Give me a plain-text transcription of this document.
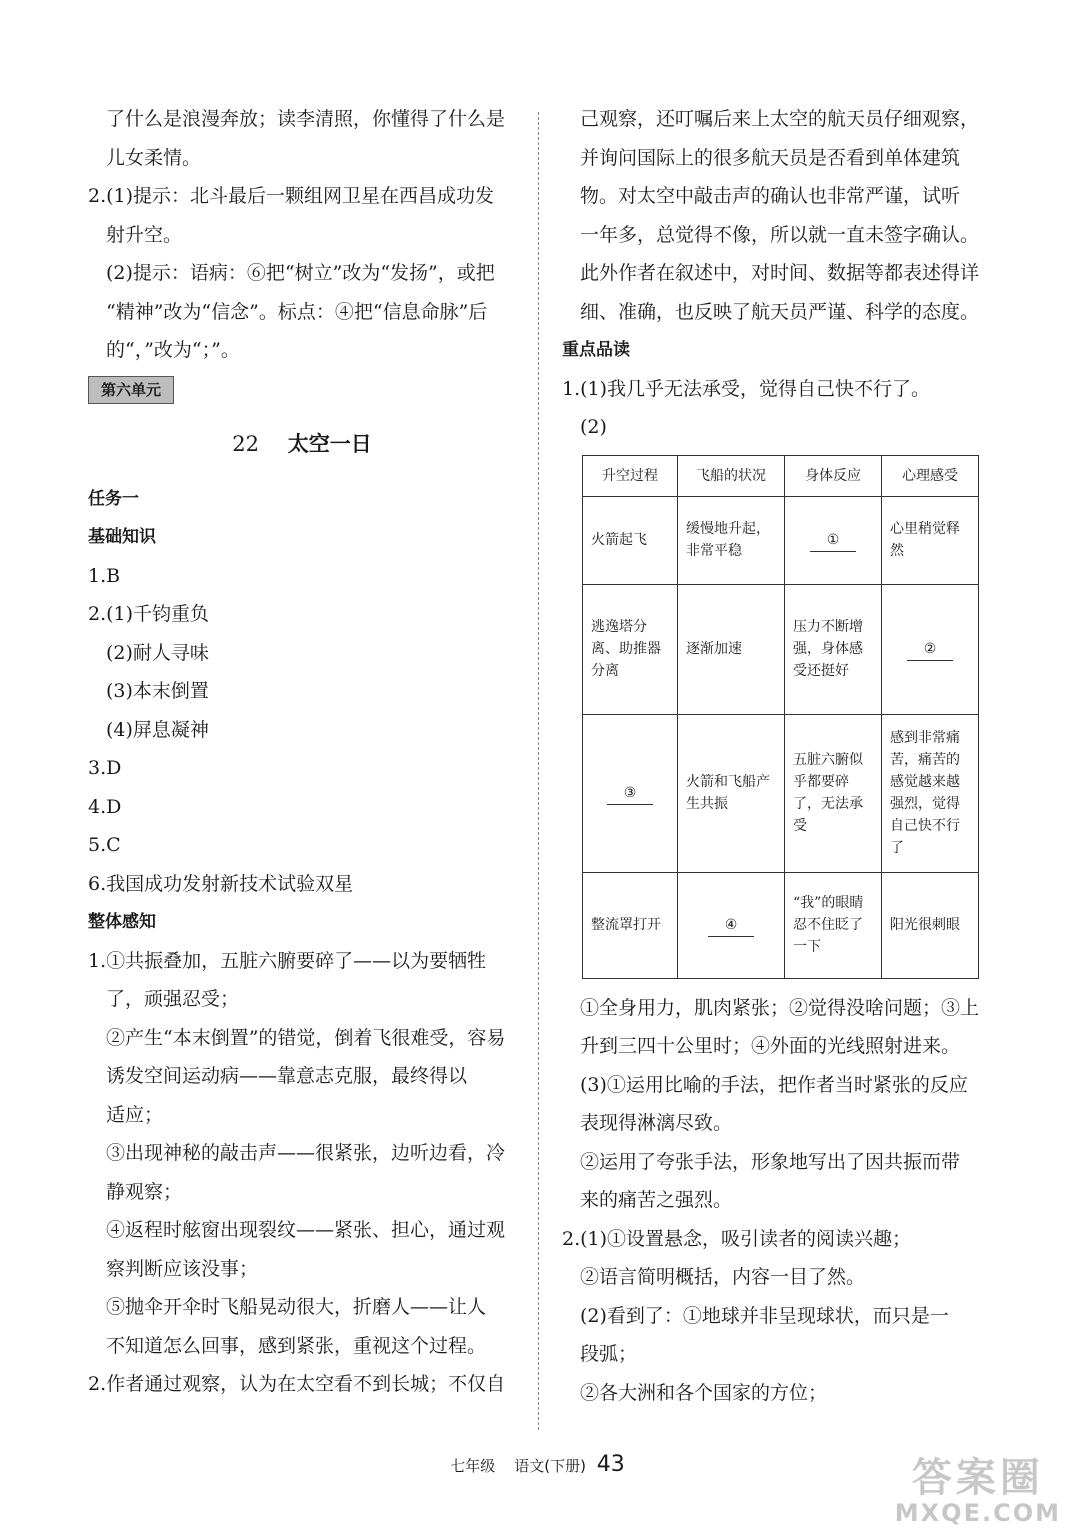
了什么是浪漫奔放；读李清照，你懂得了什么是
儿女柔情。
2.(1)提示：北斗最后一颗组网卫星在西昌成功发
射升空。
(2)提示：语病：⑥把“树立”改为“发扬”，或把
“精神”改为“信念”。标点：④把“信息命脉”后
的“，”改为“；”。
第六单元
22 太空一日
任务一
基础知识
1.B
2.(1)千钧重负
(2)耐人寻味
(3)本末倒置
(4)屏息凝神
3.D
4.D
5.C
6.我国成功发射新技术试验双星
整体感知
1.①共振叠加，五脏六腑要碎了——以为要牺牲
了，顽强忍受；
②产生“本末倒置”的错觉，倒着飞很难受，容易
诱发空间运动病——靠意志克服，最终得以
适应；
③出现神秘的敲击声——很紧张，边听边看，冷
静观察；
④返程时舷窗出现裂纹——紧张、担心，通过观
察判断应该没事；
⑤抛伞开伞时飞船晃动很大，折磨人——让人
不知道怎么回事，感到紧张，重视这个过程。
2.作者通过观察，认为在太空看不到长城；不仅自
己观察，还叮嘱后来上太空的航天员仔细观察，
并询问国际上的很多航天员是否看到单体建筑
物。对太空中敲击声的确认也非常严谨，试听
一年多，总觉得不像，所以就一直未签字确认。
此外作者在叙述中，对时间、数据等都表述得详
细、准确，也反映了航天员严谨、科学的态度。
重点品读
1.(1)我几乎无法承受，觉得自己快不行了。
(2)
升空过程	飞船的状况	身体反应	心理感受
火箭起飞	缓慢地升起，非常平稳	①	心里稍觉释然
逃逸塔分离、助推器分离	逐渐加速	压力不断增强，身体感受还挺好	②
③	火箭和飞船产生共振	五脏六腑似乎都要碎了，无法承受	感到非常痛苦，痛苦的感觉越来越强烈，觉得自己快不行了
整流罩打开	④	“我”的眼睛忍不住眨了一下	阳光很刺眼
①全身用力，肌肉紧张；②觉得没啥问题；③上
升到三四十公里时；④外面的光线照射进来。
(3)①运用比喻的手法，把作者当时紧张的反应
表现得淋漓尽致。
②运用了夸张手法，形象地写出了因共振而带
来的痛苦之强烈。
2.(1)①设置悬念，吸引读者的阅读兴趣；
②语言简明概括，内容一目了然。
(2)看到了：①地球并非呈现球状，而只是一
段弧；
②各大洲和各个国家的方位；
七年级 语文(下册) 43	答案圈
MXQE.COM
